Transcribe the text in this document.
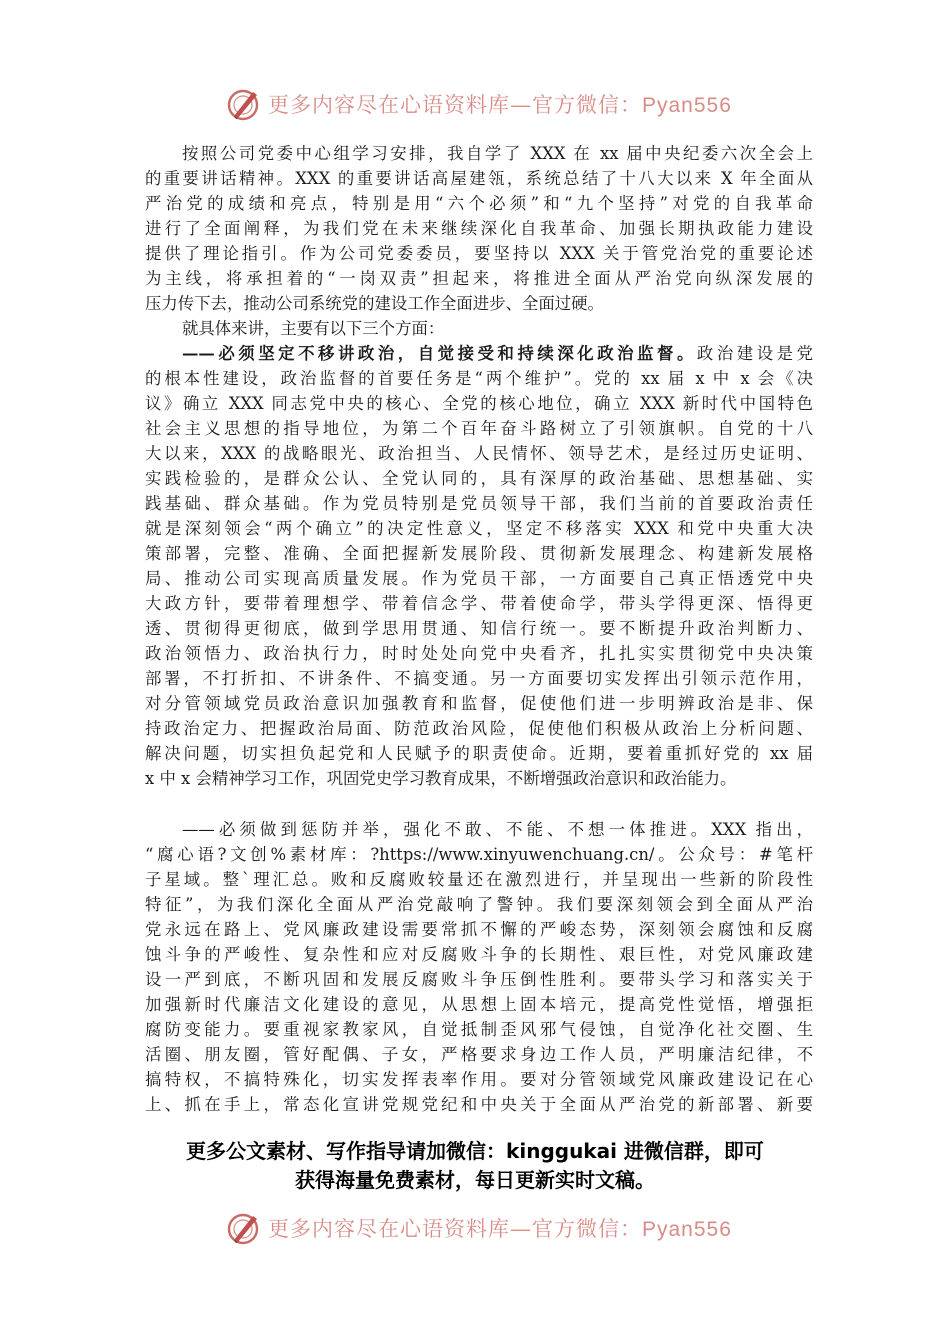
更多内容尽在心语资料库—官方微信：Pyan556
按照公司党委中心组学习安排，我自学了 XXX 在 xx 届中央纪委六次全会上
的重要讲话精神。XXX 的重要讲话高屋建瓴，系统总结了十八大以来 X 年全面从
严治党的成绩和亮点，特别是用“六个必须”和“九个坚持”对党的自我革命
进行了全面阐释，为我们党在未来继续深化自我革命、加强长期执政能力建设
提供了理论指引。作为公司党委委员，要坚持以 XXX 关于管党治党的重要论述
为主线，将承担着的“一岗双责”担起来，将推进全面从严治党向纵深发展的
压力传下去，推动公司系统党的建设工作全面进步、全面过硬。
就具体来讲，主要有以下三个方面：
——必须坚定不移讲政治，自觉接受和持续深化政治监督。政治建设是党
的根本性建设，政治监督的首要任务是“两个维护”。党的 xx 届 x 中 x 会《决
议》确立 XXX 同志党中央的核心、全党的核心地位，确立 XXX 新时代中国特色
社会主义思想的指导地位，为第二个百年奋斗路树立了引领旗帜。自党的十八
大以来，XXX 的战略眼光、政治担当、人民情怀、领导艺术，是经过历史证明、
实践检验的，是群众公认、全党认同的，具有深厚的政治基础、思想基础、实
践基础、群众基础。作为党员特别是党员领导干部，我们当前的首要政治责任
就是深刻领会“两个确立”的决定性意义，坚定不移落实 XXX 和党中央重大决
策部署，完整、准确、全面把握新发展阶段、贯彻新发展理念、构建新发展格
局、推动公司实现高质量发展。作为党员干部，一方面要自己真正悟透党中央
大政方针，要带着理想学、带着信念学、带着使命学，带头学得更深、悟得更
透、贯彻得更彻底，做到学思用贯通、知信行统一。要不断提升政治判断力、
政治领悟力、政治执行力，时时处处向党中央看齐，扎扎实实贯彻党中央决策
部署，不打折扣、不讲条件、不搞变通。另一方面要切实发挥出引领示范作用，
对分管领域党员政治意识加强教育和监督，促使他们进一步明辨政治是非、保
持政治定力、把握政治局面、防范政治风险，促使他们积极从政治上分析问题、
解决问题，切实担负起党和人民赋予的职责使命。近期，要着重抓好党的 xx 届
x 中 x 会精神学习工作，巩固党史学习教育成果，不断增强政治意识和政治能力。
——必须做到惩防并举，强化不敢、不能、不想一体推进。XXX 指出，
“腐心语?文创%素材库：?https://www.xinyuwenchuang.cn/。公众号：#笔杆
子星域。整`理汇总。败和反腐败较量还在激烈进行，并呈现出一些新的阶段性
特征”，为我们深化全面从严治党敲响了警钟。我们要深刻领会到全面从严治
党永远在路上、党风廉政建设需要常抓不懈的严峻态势，深刻领会腐蚀和反腐
蚀斗争的严峻性、复杂性和应对反腐败斗争的长期性、艰巨性，对党风廉政建
设一严到底，不断巩固和发展反腐败斗争压倒性胜利。要带头学习和落实关于
加强新时代廉洁文化建设的意见，从思想上固本培元，提高党性觉悟，增强拒
腐防变能力。要重视家教家风，自觉抵制歪风邪气侵蚀，自觉净化社交圈、生
活圈、朋友圈，管好配偶、子女，严格要求身边工作人员，严明廉洁纪律，不
搞特权，不搞特殊化，切实发挥表率作用。要对分管领域党风廉政建设记在心
上、抓在手上，常态化宣讲党规党纪和中央关于全面从严治党的新部署、新要
更多公文素材、写作指导请加微信：kinggukai 进微信群，即可
获得海量免费素材，每日更新实时文稿。
更多内容尽在心语资料库—官方微信：Pyan556
